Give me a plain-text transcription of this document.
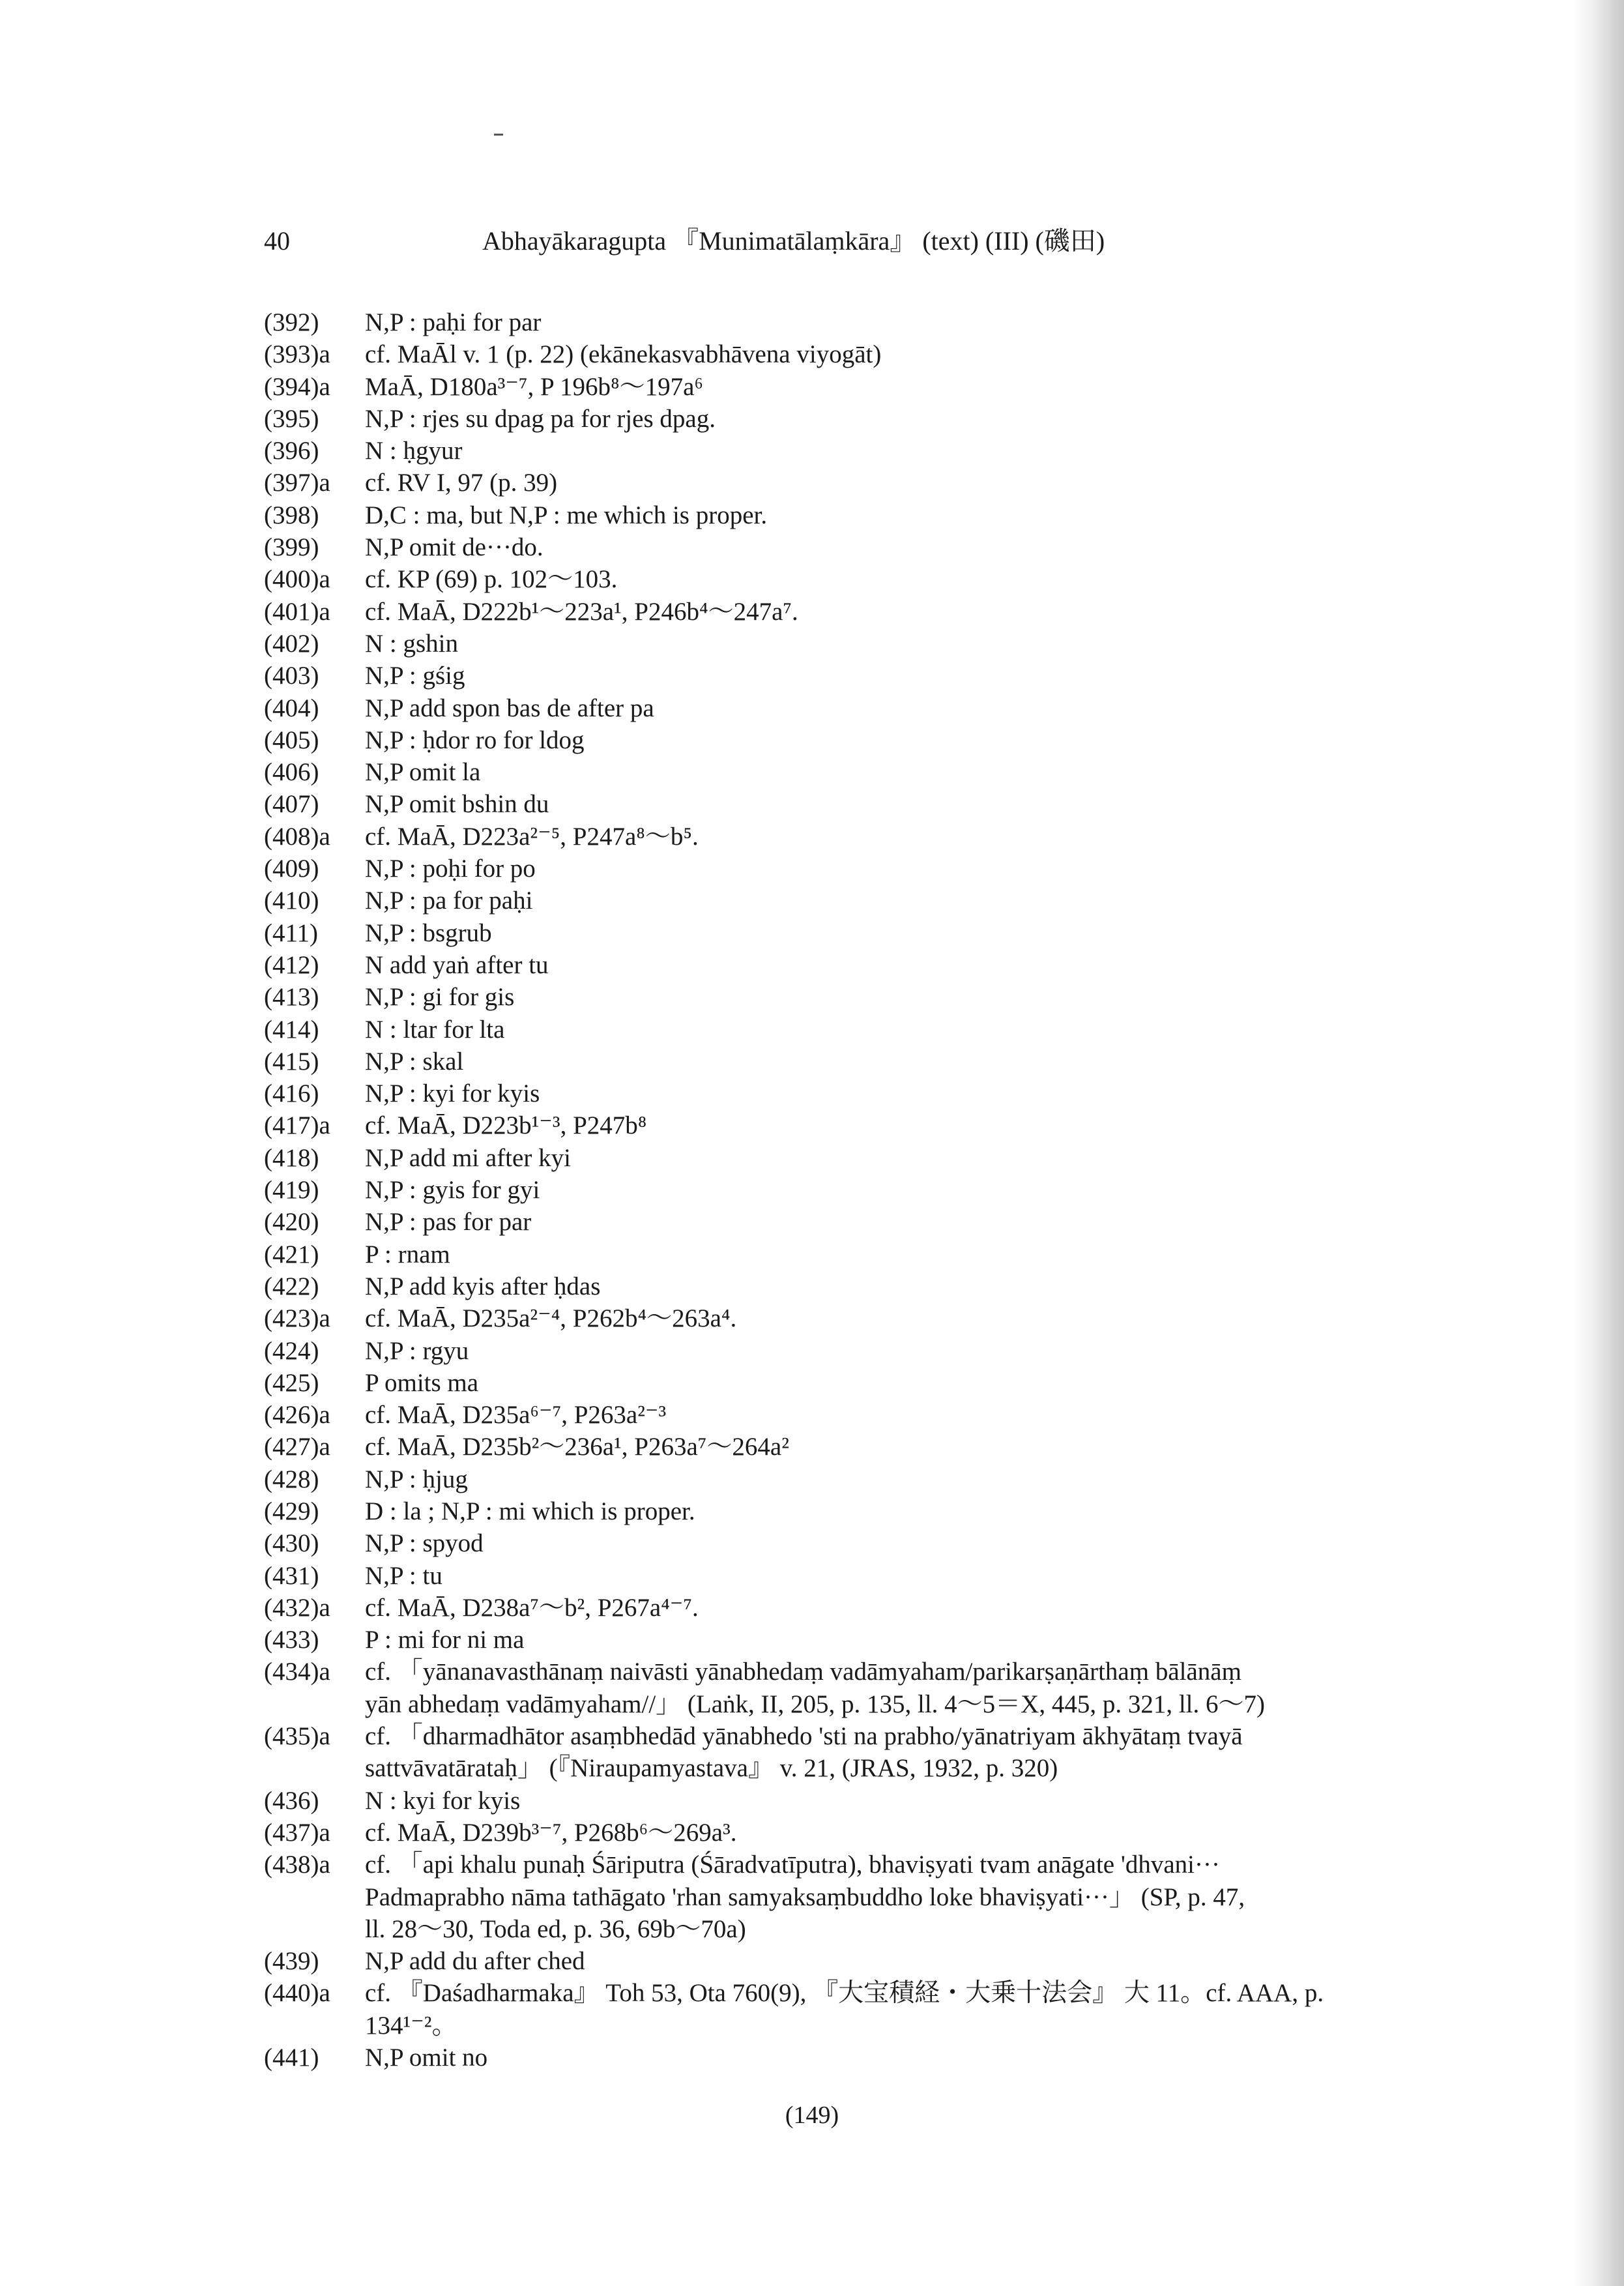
40	Abhayākaragupta 『Munimatālaṃkāra』 (text) (III) (磯田)
(392)	N,P : paḥi for par
(393)a	cf. MaĀl v. 1 (p. 22) (ekānekasvabhāvena viyogāt)
(394)a	MaĀ, D180a³⁻⁷, P 196b⁸～197a⁶
(395)	N,P : rjes su dpag pa for rjes dpag.
(396)	N : ḥgyur
(397)a	cf. RV I, 97 (p. 39)
(398)	D,C : ma, but N,P : me which is proper.
(399)	N,P omit de···do.
(400)a	cf. KP (69) p. 102～103.
(401)a	cf. MaĀ, D222b¹～223a¹, P246b⁴～247a⁷.
(402)	N : gshin
(403)	N,P : gśig
(404)	N,P add spon bas de after pa
(405)	N,P : ḥdor ro for ldog
(406)	N,P omit la
(407)	N,P omit bshin du
(408)a	cf. MaĀ, D223a²⁻⁵, P247a⁸～b⁵.
(409)	N,P : poḥi for po
(410)	N,P : pa for paḥi
(411)	N,P : bsgrub
(412)	N add yaṅ after tu
(413)	N,P : gi for gis
(414)	N : ltar for lta
(415)	N,P : skal
(416)	N,P : kyi for kyis
(417)a	cf. MaĀ, D223b¹⁻³, P247b⁸
(418)	N,P add mi after kyi
(419)	N,P : gyis for gyi
(420)	N,P : pas for par
(421)	P : rnam
(422)	N,P add kyis after ḥdas
(423)a	cf. MaĀ, D235a²⁻⁴, P262b⁴～263a⁴.
(424)	N,P : rgyu
(425)	P omits ma
(426)a	cf. MaĀ, D235a⁶⁻⁷, P263a²⁻³
(427)a	cf. MaĀ, D235b²～236a¹, P263a⁷～264a²
(428)	N,P : ḥjug
(429)	D : la ; N,P : mi which is proper.
(430)	N,P : spyod
(431)	N,P : tu
(432)a	cf. MaĀ, D238a⁷～b², P267a⁴⁻⁷.
(433)	P : mi for ni ma
(434)a	cf. 「yānanavasthānaṃ naivāsti yānabhedaṃ vadāmyaham/parikarṣaṇārthaṃ bālānāṃ
yān abhedaṃ vadāmyaham//」 (Laṅk, II, 205, p. 135, ll. 4～5＝X, 445, p. 321, ll. 6～7)
(435)a	cf. 「dharmadhātor asaṃbhedād yānabhedo 'sti na prabho/yānatriyam ākhyātaṃ tvayā
sattvāvatārataḥ」 (『Niraupamyastava』 v. 21, (JRAS, 1932, p. 320)
(436)	N : kyi for kyis
(437)a	cf. MaĀ, D239b³⁻⁷, P268b⁶～269a³.
(438)a	cf. 「api khalu punaḥ Śāriputra (Śāradvatīputra), bhaviṣyati tvam anāgate 'dhvani···
Padmaprabho nāma tathāgato 'rhan samyaksaṃbuddho loke bhaviṣyati···」 (SP, p. 47,
ll. 28～30, Toda ed, p. 36, 69b～70a)
(439)	N,P add du after ched
(440)a	cf. 『Daśadharmaka』 Toh 53, Ota 760(9), 『大宝積経・大乗十法会』 大 11。cf. AAA, p.
134¹⁻²。
(441)	N,P omit no
(149)
